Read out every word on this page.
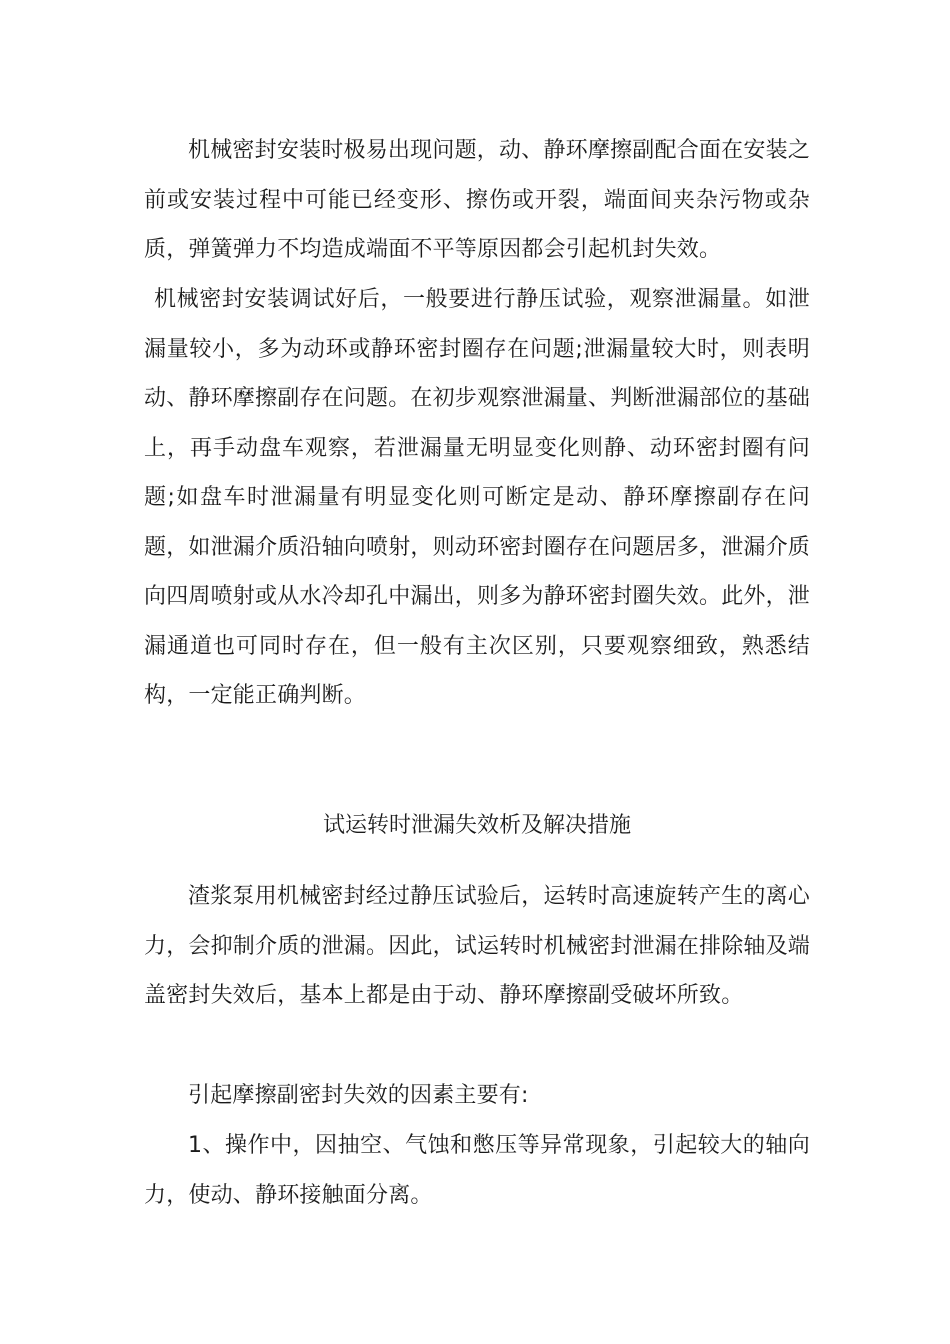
机械密封安装时极易出现问题，动、静环摩擦副配合面在安装之前或安装过程中可能已经变形、擦伤或开裂，端面间夹杂污物或杂质，弹簧弹力不均造成端面不平等原因都会引起机封失效。

机械密封安装调试好后，一般要进行静压试验，观察泄漏量。如泄漏量较小，多为动环或静环密封圈存在问题;泄漏量较大时，则表明动、静环摩擦副存在问题。在初步观察泄漏量、判断泄漏部位的基础上，再手动盘车观察，若泄漏量无明显变化则静、动环密封圈有问题;如盘车时泄漏量有明显变化则可断定是动、静环摩擦副存在问题，如泄漏介质沿轴向喷射，则动环密封圈存在问题居多，泄漏介质向四周喷射或从水冷却孔中漏出，则多为静环密封圈失效。此外，泄漏通道也可同时存在，但一般有主次区别，只要观察细致，熟悉结构，一定能正确判断。

试运转时泄漏失效析及解决措施

渣浆泵用机械密封经过静压试验后，运转时高速旋转产生的离心力，会抑制介质的泄漏。因此，试运转时机械密封泄漏在排除轴及端盖密封失效后，基本上都是由于动、静环摩擦副受破坏所致。

引起摩擦副密封失效的因素主要有:

1、操作中，因抽空、气蚀和憋压等异常现象，引起较大的轴向力，使动、静环接触面分离。
